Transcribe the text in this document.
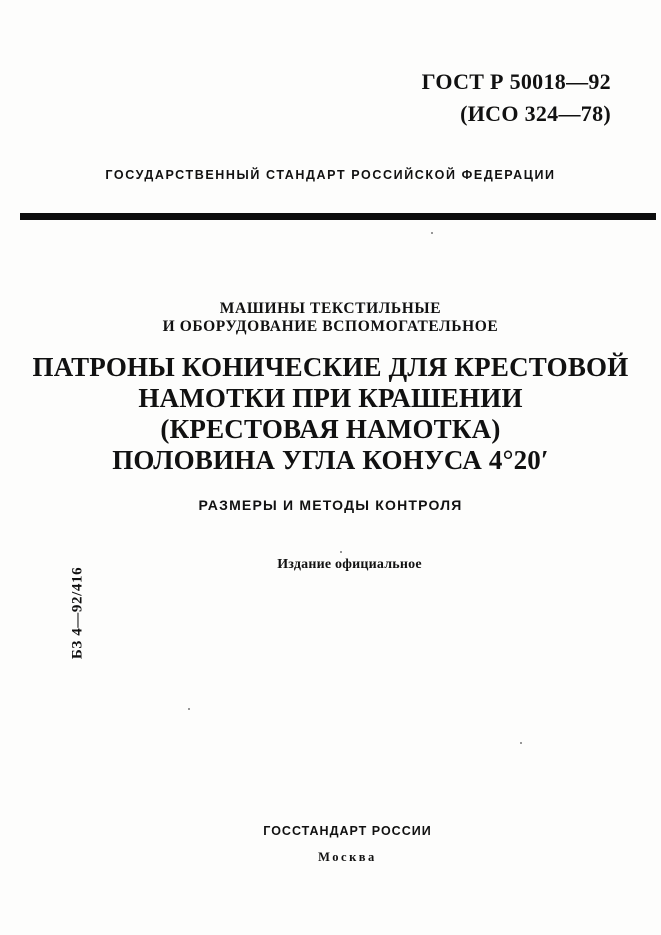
ГОСТ Р 50018—92
(ИСО 324—78)
ГОСУДАРСТВЕННЫЙ СТАНДАРТ РОССИЙСКОЙ ФЕДЕРАЦИИ
МАШИНЫ ТЕКСТИЛЬНЫЕ
И ОБОРУДОВАНИЕ ВСПОМОГАТЕЛЬНОЕ
ПАТРОНЫ КОНИЧЕСКИЕ ДЛЯ КРЕСТОВОЙ
НАМОТКИ ПРИ КРАШЕНИИ
(КРЕСТОВАЯ НАМОТКА)
ПОЛОВИНА УГЛА КОНУСА 4°20′
РАЗМЕРЫ И МЕТОДЫ КОНТРОЛЯ
Издание официальное
БЗ 4—92/416
ГОССТАНДАРТ РОССИИ
Москва
